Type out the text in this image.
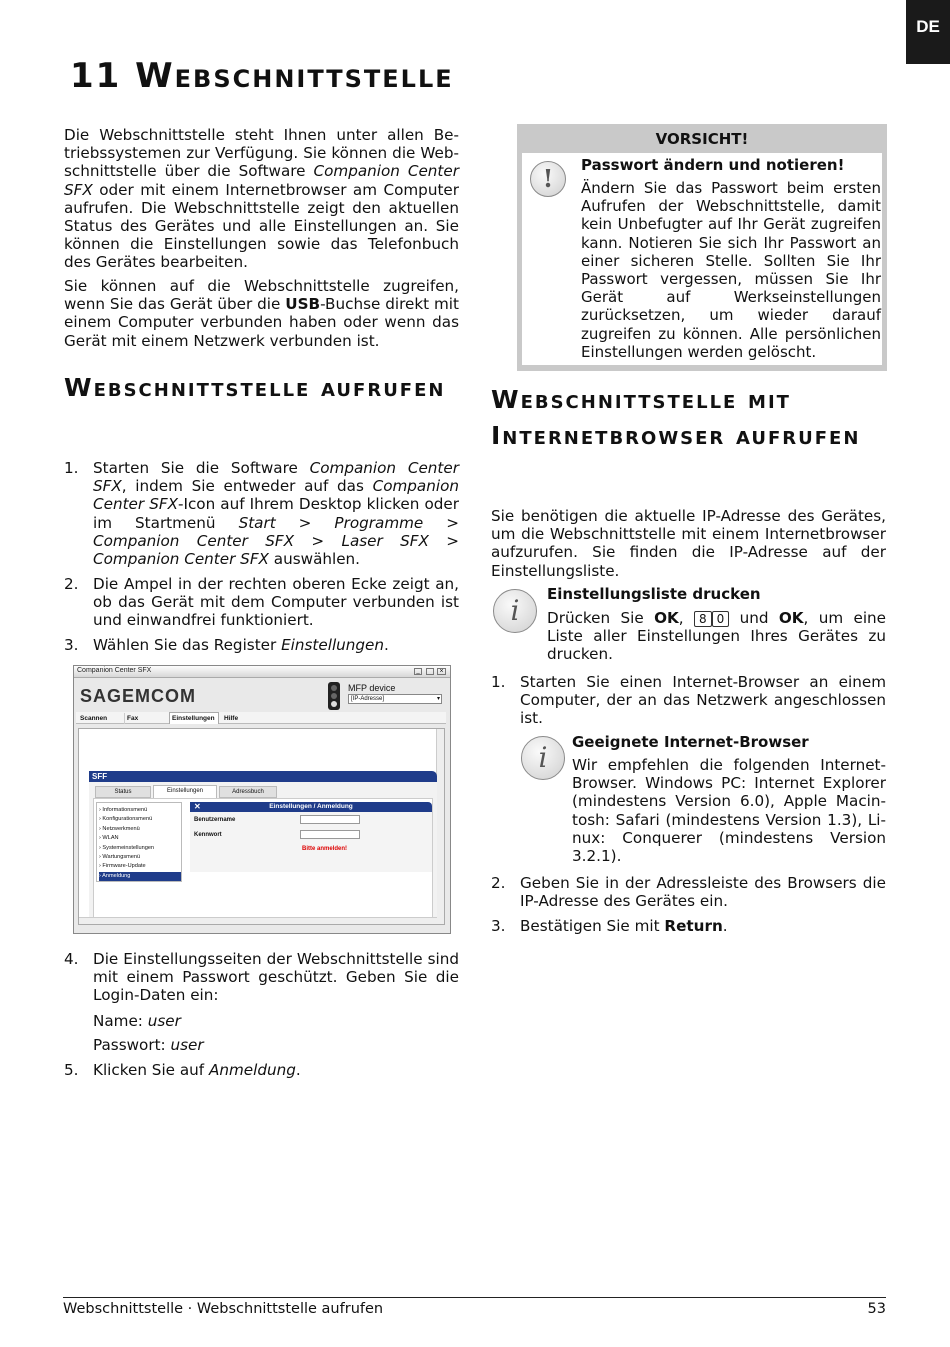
DE
11 Webschnittstelle
Die Webschnittstelle steht Ihnen unter allen Betriebssystemen zur Verfügung. Sie können die Webschnittstelle über die Software Companion Center SFX oder mit einem Internetbrowser am Computer aufrufen. Die Webschnittstelle zeigt den aktuellen Status des Gerätes und alle Einstellungen an. Sie können die Einstellungen sowie das Telefonbuch des Gerätes bearbeiten.
Sie können auf die Webschnittstelle zugreifen, wenn Sie das Gerät über die USB-Buchse direkt mit einem Computer verbunden haben oder wenn das Gerät mit einem Netzwerk verbunden ist.
Webschnittstelle aufrufen
1. Starten Sie die Software Companion Center SFX, indem Sie entweder auf das Companion Center SFX-Icon auf Ihrem Desktop klicken oder im Startmenü Start > Programme > Companion Center SFX > Laser SFX > Companion Center SFX auswählen.
2. Die Ampel in der rechten oberen Ecke zeigt an, ob das Gerät mit dem Computer verbunden ist und einwandfrei funktioniert.
3. Wählen Sie das Register Einstellungen.
Companion Center SFX	_	×
SAGEMCOM	MFP device
[IP-Adresse]	▾
Scannen	Fax	Einstellungen	Hilfe
SFF
Status	Einstellungen	Adressbuch
› Informationsmenü
› Konfigurationsmenü
› Netzwerkmenü
› WLAN
› Systemeinstellungen
› Wartungsmenü
› Firmware-Update
› Anmeldung
✕	Einstellungen / Anmeldung
Benutzername
Kennwort
Bitte anmelden!
4. Die Einstellungsseiten der Webschnittstelle sind mit einem Passwort geschützt. Geben Sie die Login-Daten ein:
Name: user
Passwort: user
5. Klicken Sie auf Anmeldung.
VORSICHT!
!	Passwort ändern und notieren!
Ändern Sie das Passwort beim ersten Aufrufen der Webschnittstelle, damit kein Unbefugter auf Ihr Gerät zugreifen kann. Notieren Sie sich Ihr Passwort an einer sicheren Stelle. Sollten Sie Ihr Passwort vergessen, müssen Sie Ihr Gerät auf Werkseinstellungen zurücksetzen, um wieder darauf zugreifen zu können. Alle persönlichen Einstellungen werden gelöscht.
Webschnittstelle mit Internetbrowser aufrufen
Sie benötigen die aktuelle IP-Adresse des Gerätes, um die Webschnittstelle mit einem Internetbrowser aufzurufen. Sie finden die IP-Adresse auf der Einstellungsliste.
i	Einstellungsliste drucken
Drücken Sie OK, 8 0 und OK, um eine Liste aller Einstellungen Ihres Gerätes zu drucken.
1. Starten Sie einen Internet-Browser an einem Computer, der an das Netzwerk angeschlossen ist.
i	Geeignete Internet-Browser
Wir empfehlen die folgenden Internet-Browser. Windows PC: Internet Explorer (mindestens Version 6.0), Apple Macintosh: Safari (mindestens Version 1.3), Linux: Conquerer (mindestens Version 3.2.1).
2. Geben Sie in der Adressleiste des Browsers die IP-Adresse des Gerätes ein.
3. Bestätigen Sie mit Return.
Webschnittstelle · Webschnittstelle aufrufen	53
